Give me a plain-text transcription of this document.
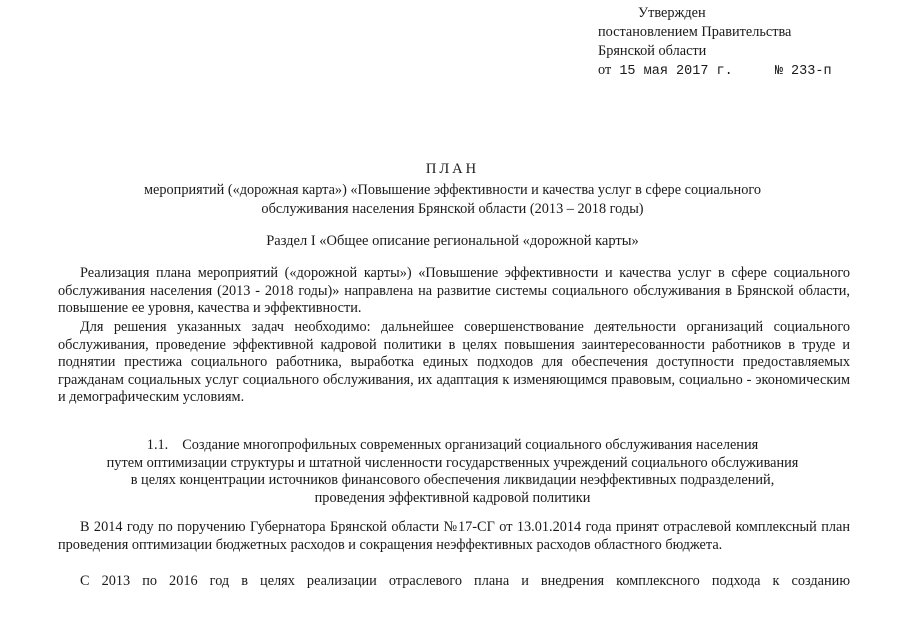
Утвержден
постановлением Правительства
Брянской области
от 15 мая 2017 г.	№ 233-п
ПЛАН
мероприятий («дорожная карта») «Повышение эффективности и качества услуг в сфере социального
обслуживания населения Брянской области (2013 – 2018 годы)
Раздел I «Общее описание региональной «дорожной карты»

Реализация плана мероприятий («дорожной карты») «Повышение эффективности и качества услуг в сфере социального обслуживания населения (2013 - 2018 годы)» направлена на развитие системы социального обслуживания в Брянской области, повышение ее уровня, качества и эффективности.

Для решения указанных задач необходимо: дальнейшее совершенствование деятельности организаций социального обслуживания, проведение эффективной кадровой политики в целях повышения заинтересованности работников в труде и поднятии престижа социального работника, выработка единых подходов для обеспечения доступности предоставляемых гражданам социальных услуг социального обслуживания, их адаптация к изменяющимся правовым, социально - экономическим и демографическим условиям.

1.1. Создание многопрофильных современных организаций социального обслуживания населения
путем оптимизации структуры и штатной численности государственных учреждений социального обслуживания
в целях концентрации источников финансового обеспечения ликвидации неэффективных подразделений,
проведения эффективной кадровой политики

В 2014 году по поручению Губернатора Брянской области №17-СГ от 13.01.2014 года принят отраслевой комплексный план проведения оптимизации бюджетных расходов и сокращения неэффективных расходов областного бюджета.

С 2013 по 2016 год в целях реализации отраслевого плана и внедрения комплексного подхода к созданию
